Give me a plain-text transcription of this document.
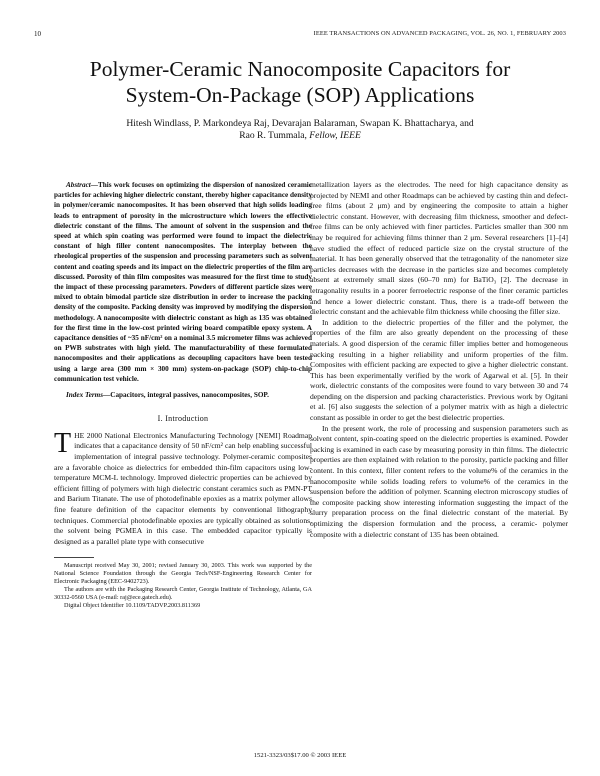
10	IEEE TRANSACTIONS ON ADVANCED PACKAGING, VOL. 26, NO. 1, FEBRUARY 2003
Polymer-Ceramic Nanocomposite Capacitors for
System-On-Package (SOP) Applications
Hitesh Windlass, P. Markondeya Raj, Devarajan Balaraman, Swapan K. Bhattacharya, and
Rao R. Tummala, Fellow, IEEE

Abstract—This work focuses on optimizing the dispersion of nanosized ceramic particles for achieving higher dielectric constant, thereby higher capacitance density in polymer/ceramic nanocomposites. It has been observed that high solids loading leads to entrapment of porosity in the microstructure which lowers the effective dielectric constant of the films. The amount of solvent in the suspension and the speed at which spin coating was performed were found to impact the dielectric constant of high filler content nanocomposites. The interplay between the rheological properties of the suspension and processing parameters such as solvent content and coating speeds and its impact on the dielectric properties of the film are discussed. Porosity of thin film composites was measured for the first time to study the impact of these processing parameters. Powders of different particle sizes were mixed to obtain bimodal particle size distribution in order to increase the packing density of the composite. Packing density was improved by modifying the dispersion methodology. A nanocomposite with dielectric constant as high as 135 was obtained for the first time in the low-cost printed wiring board compatible epoxy system. A capacitance densities of ~35 nF/cm² on a nominal 3.5 micrometer films was achieved on PWB substrates with high yield. The manufacturability of these formulated nanocomposites and their applications as decoupling capacitors have been tested using a large area (300 mm × 300 mm) system-on-package (SOP) chip-to-chip communication test vehicle.

Index Terms—Capacitors, integral passives, nanocomposites, SOP.

I. Introduction

THE 2000 National Electronics Manufacturing Technology [NEMI] Roadmap indicates that a capacitance density of 50 nF/cm² can help enabling successful implementation of integral passive technology. Polymer-ceramic composites are a favorable choice as dielectrics for embedded thin-film capacitors using low-temperature MCM-L technology. Improved dielectric properties can be achieved by efficient filling of polymers with high dielectric constant ceramics such as PMN-PT and Barium Titanate. The use of photodefinable epoxies as a matrix polymer allows fine feature definition of the capacitor elements by conventional lithography techniques. Commercial photodefinable epoxies are typically obtained as solutions, the solvent being PGMEA in this case. The embedded capacitor typically is designed as a parallel plate type with consecutive

Manuscript received May 30, 2001; revised January 30, 2003. This work was supported by the National Science Foundation through the Georgia Tech/NSF-Engineering Research Center for Electronic Packaging (EEC-9402723).

The authors are with the Packaging Research Center, Georgia Institute of Technology, Atlanta, GA 30332-0560 USA (e-mail: raj@ece.gatech.edu).

Digital Object Identifier 10.1109/TADVP.2003.811369

metallization layers as the electrodes. The need for high capacitance density as projected by NEMI and other Roadmaps can be achieved by casting thin and defect-free films (about 2 μm) and by engineering the composite to attain a higher dielectric constant. However, with decreasing film thickness, smoother and defect-free films can be only achieved with finer particles. Particles smaller than 300 nm may be required for achieving films thinner than 2 μm. Several researchers [1]–[4] have studied the effect of reduced particle size on the crystal structure of the material. It has been generally observed that the tetragonality of the nanometer size particles decreases with the decrease in the particles size and becomes completely absent at extremely small sizes (60–70 nm) for BaTiO₃ [2]. The decrease in tetragonality results in a poorer ferroelectric response of the finer ceramic particles and hence a lower dielectric constant. Thus, there is a trade-off between the dielectric constant and the achievable film thickness while choosing the filler size.

In addition to the dielectric properties of the filler and the polymer, the properties of the film are also greatly dependent on the processing of these materials. A good dispersion of the ceramic filler implies better and homogeneous packing resulting in a higher reliability and uniform properties of the film. Composites with efficient packing are expected to give a higher dielectric constant. This has been experimentally verified by the work of Agarwal et al. [5]. In their work, dielectric constants of the composites were found to vary between 30 and 74 depending on the dispersion and packing characteristics. Previous work by Ogitani et al. [6] also suggests the selection of a polymer matrix with as high a dielectric constant as possible in order to get the best dielectric properties.

In the present work, the role of processing and suspension parameters such as solvent content, spin-coating speed on the dielectric properties is examined. Powder packing is examined in each case by measuring porosity in thin films. The dielectric properties are then explained with relation to the porosity, particle packing and filler content. In this context, filler content refers to the volume% of the ceramics in the nanocomposite while solids loading refers to volume% of the ceramics in the suspension before the addition of polymer. Scanning electron microscopy studies of the composite packing show interesting information suggesting the impact of the slurry preparation process on the final dielectric constant of the material. By optimizing the dispersion formulation and the process, a ceramic- polymer composite with a dielectric constant of 135 has been obtained.

1521-3323/03$17.00 © 2003 IEEE
